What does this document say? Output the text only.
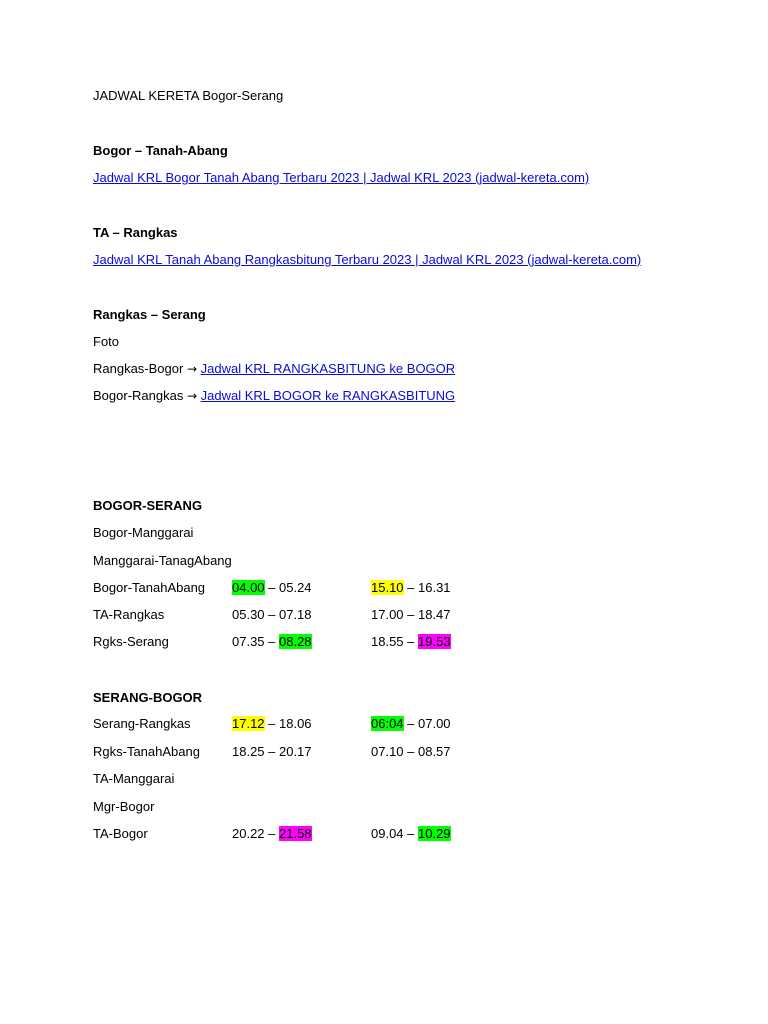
JADWAL KERETA Bogor-Serang
Bogor – Tanah-Abang
Jadwal KRL Bogor Tanah Abang Terbaru 2023 | Jadwal KRL 2023 (jadwal-kereta.com)
TA – Rangkas
Jadwal KRL Tanah Abang Rangkasbitung Terbaru 2023 | Jadwal KRL 2023 (jadwal-kereta.com)
Rangkas – Serang
Foto
Rangkas-Bogor → Jadwal KRL RANGKASBITUNG ke BOGOR
Bogor-Rangkas → Jadwal KRL BOGOR ke RANGKASBITUNG
BOGOR-SERANG
Bogor-Manggarai
Manggarai-TanagAbang
Bogor-TanahAbang 04.00 – 05.24	15.10 – 16.31
TA-Rangkas	05.30 – 07.18	17.00 – 18.47
Rgks-Serang	07.35 – 08.28	18.55 – 19.53
SERANG-BOGOR
Serang-Rangkas	17.12 – 18.06	06:04 – 07.00
Rgks-TanahAbang 18.25 – 20.17	07.10 – 08.57
TA-Manggarai
Mgr-Bogor
TA-Bogor	20.22 – 21.58	09.04 – 10.29
